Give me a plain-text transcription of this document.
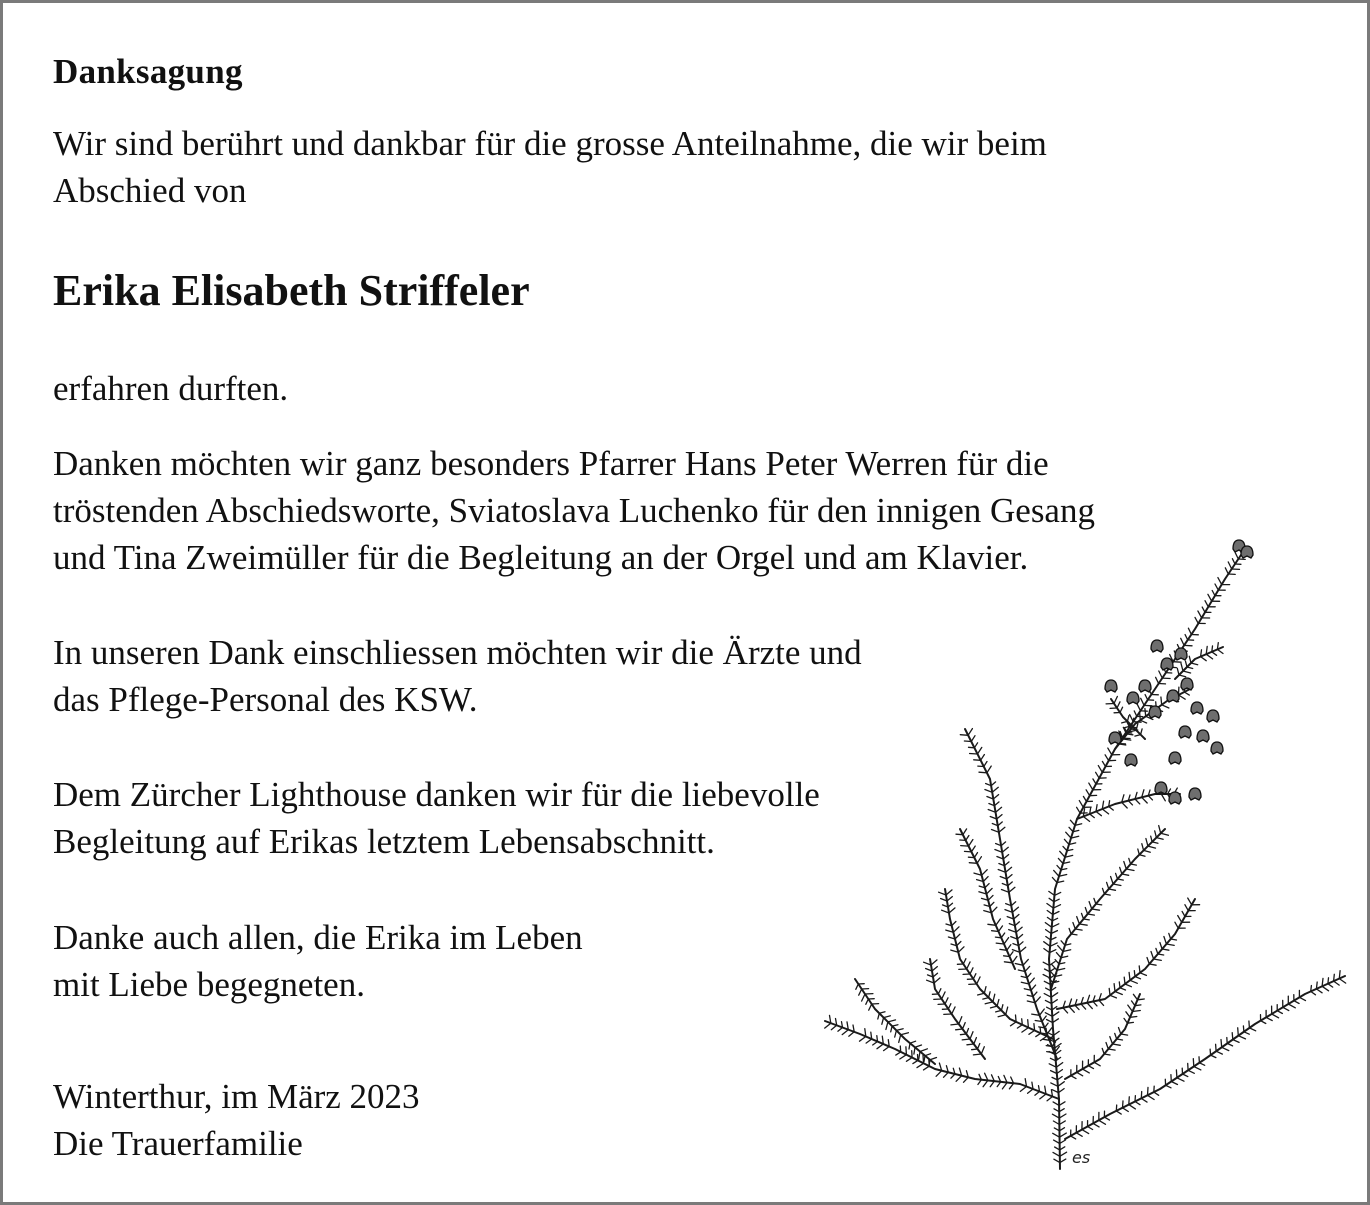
Danksagung

Wir sind berührt und dankbar für die grosse Anteilnahme, die wir beim

Abschied von

Erika Elisabeth Striffeler

erfahren durften.

Danken möchten wir ganz besonders Pfarrer Hans Peter Werren für die

tröstenden Abschiedsworte, Sviatoslava Luchenko für den innigen Gesang

und Tina Zweimüller für die Begleitung an der Orgel und am Klavier.

In unseren Dank einschliessen möchten wir die Ärzte und

das Pflege-Personal des KSW.

Dem Zürcher Lighthouse danken wir für die liebevolle

Begleitung auf Erikas letztem Lebensabschnitt.

Danke auch allen, die Erika im Leben

mit Liebe begegneten.

Winterthur, im März 2023

Die Trauerfamilie	es
